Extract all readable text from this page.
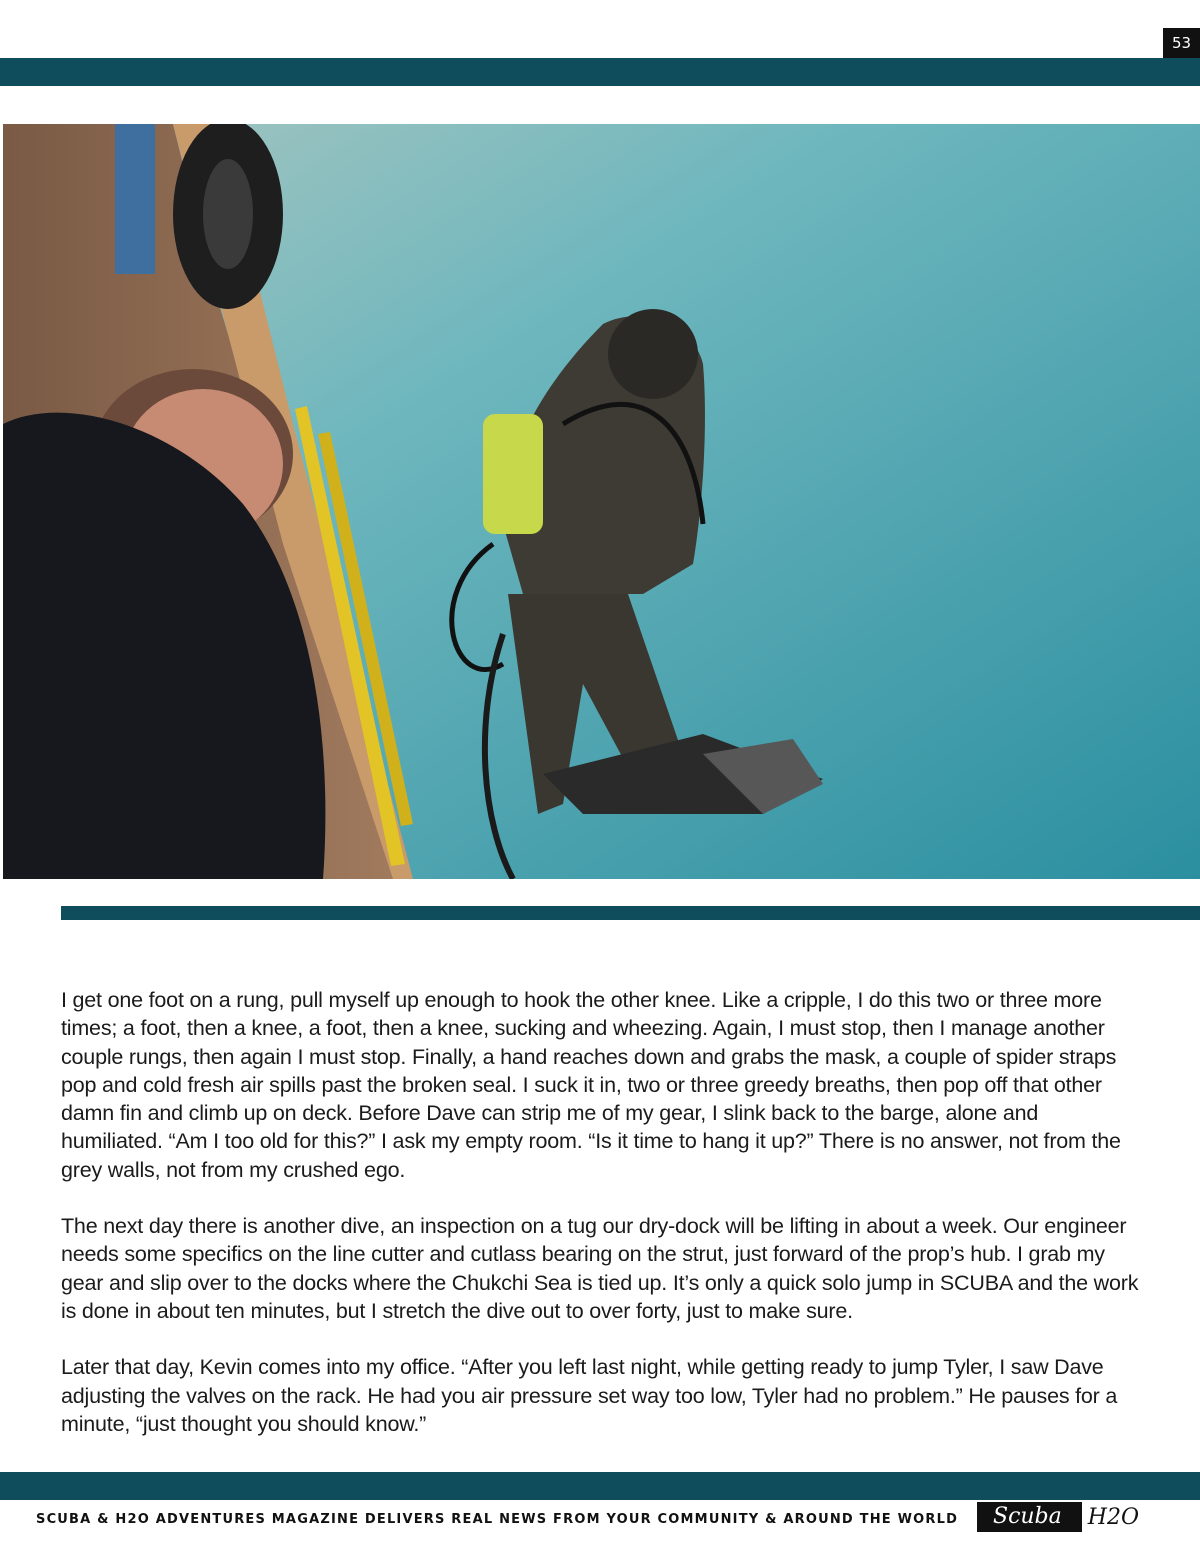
53

I get one foot on a rung, pull myself up enough to hook the other knee. Like a cripple, I do this two or three more times; a foot, then a knee, a foot, then a knee, sucking and wheezing. Again, I must stop, then I manage another couple rungs, then again I must stop. Finally, a hand reaches down and grabs the mask, a couple of spider straps pop and cold fresh air spills past the broken seal. I suck it in, two or three greedy breaths, then pop off that other damn fin and climb up on deck. Before Dave can strip me of my gear, I slink back to the barge, alone and humiliated. “Am I too old for this?” I ask my empty room. “Is it time to hang it up?” There is no answer, not from the grey walls, not from my crushed ego.

The next day there is another dive, an inspection on a tug our dry-dock will be lifting in about a week. Our engineer needs some specifics on the line cutter and cutlass bearing on the strut, just forward of the prop’s hub. I grab my gear and slip over to the docks where the Chukchi Sea is tied up. It’s only a quick solo jump in SCUBA and the work is done in about ten minutes, but I stretch the dive out to over forty, just to make sure.

Later that day, Kevin comes into my office. “After you left last night, while getting ready to jump Tyler, I saw Dave adjusting the valves on the rack. He had you air pressure set way too low, Tyler had no problem.” He pauses for a minute, “just thought you should know.”

SCUBA & H2O ADVENTURES MAGAZINE DELIVERS REAL NEWS FROM YOUR COMMUNITY & AROUND THE WORLD	Scuba	H2O
